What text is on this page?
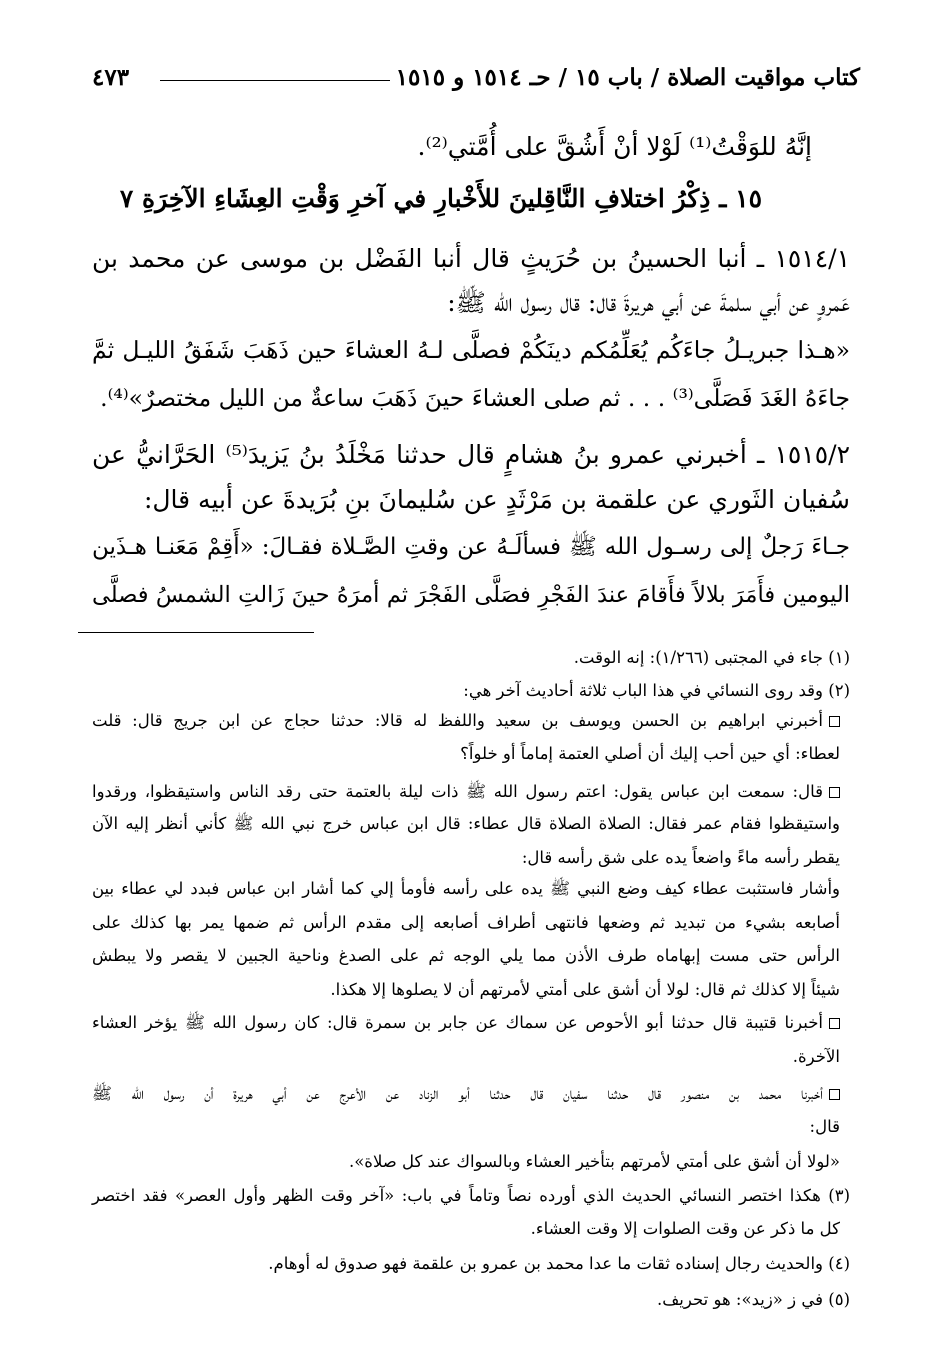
كتاب مواقيت الصلاة / باب ١٥ / حـ ١٥١٤ و ١٥١٥
٤٧٣
إنَّهُ للوَقْتُ⁽¹⁾ لَوْلا أنْ أَشُقَّ على أُمَّتي⁽²⁾.
١٥ ـ ذِكْرُ اختلافِ النَّاقِلينَ للأَخْبارِ في آخرِ وَقْتِ العِشَاءِ الآخِرَةِ ٧
١٥١٤/١ ـ أنبا الحسينُ بن حُرَيثٍ قال أنبا الفَضْل بن موسى عن محمد بن
عَمروٍ عن أبي سلمةَ عن أبي هريرةَ قال: قال رسول الله ﷺ:
«هـذا جبريـلُ جاءَكُم يُعَلِّمُكم دينَكُمْ فصلَّى لـهُ العشاءَ حين ذَهَبَ شَفَقُ الليـل ثمَّ
جاءَهُ الغَدَ فَصَلَّى⁽³⁾ . . . ثم صلى العشاءَ حينَ ذَهَبَ ساعةٌ من الليل مختصرٌ»⁽⁴⁾.
١٥١٥/٢ ـ أخبرني عمرو بنُ هشامٍ قال حدثنا مَخْلَدُ بنُ يَزيدَ⁽⁵⁾ الحَرَّانيُّ عن
سُفيان الثَوري عن علقمة بن مَرْثَدٍ عن سُليمانَ بنِ بُرَيدةَ عن أبيه قال:
جـاءَ رَجلٌ إلى رسـول الله ﷺ فسألَـهُ عن وقتِ الصَّـلاة فقـالَ: «أَقِمْ مَعَنـا هـذَين
اليومين فأَمَرَ بلالاً فأَقامَ عندَ الفَجْرِ فصَلَّى الفَجْرَ ثم أمرَهُ حينَ زَالتِ الشمسُ فصلَّى
(١) جاء في المجتبى (١/٢٦٦): إنه الوقت.
(٢) وقد روى النسائي في هذا الباب ثلاثة أحاديث آخر هي:
أخبرني ابراهيم بن الحسن ويوسف بن سعيد واللفظ له قالا: حدثنا حجاج عن ابن جريج قال: قلت
لعطاء: أي حين أحب إليك أن أصلي العتمة إماماً أو خلواً؟
قال: سمعت ابن عباس يقول: اعتم رسول الله ﷺ ذات ليلة بالعتمة حتى رقد الناس واستيقظوا، ورقدوا
واستيقظوا فقام عمر فقال: الصلاة الصلاة قال عطاء: قال ابن عباس خرج نبي الله ﷺ كأني أنظر إليه الآن
يقطر رأسه ماءً واضعاً يده على شق رأسه قال:
وأشار فاستثبت عطاء كيف وضع النبي ﷺ يده على رأسه فأومأ إلي كما أشار ابن عباس فبدد لي عطاء بين
أصابعه بشيء من تبديد ثم وضعها فانتهى أطراف أصابعه إلى مقدم الرأس ثم ضمها يمر بها كذلك على
الرأس حتى مست إبهاماه طرف الأذن مما يلي الوجه ثم على الصدغ وناحية الجبين لا يقصر ولا يبطش
شيئاً إلا كذلك ثم قال: لولا أن أشق على أمتي لأمرتهم أن لا يصلوها إلا هكذا.
أخبرنا قتيبة قال حدثنا أبو الأحوص عن سماك عن جابر بن سمرة قال: كان رسول الله ﷺ يؤخر العشاء
الآخرة.
أخبرنا محمد بن منصور قال حدثنا سفيان قال حدثنا أبو الزناد عن الأعرج عن أبي هريرة أن رسول الله ﷺ
قال:
«لولا أن أشق على أمتي لأمرتهم بتأخير العشاء وبالسواك عند كل صلاة».
(٣) هكذا اختصر النسائي الحديث الذي أورده نصاً وتاماً في باب: «آخر وقت الظهر وأول العصر» فقد اختصر
كل ما ذكر عن وقت الصلوات إلا وقت العشاء.
(٤) والحديث رجال إسناده ثقات ما عدا محمد بن عمرو بن علقمة فهو صدوق له أوهام.
(٥) في ز «زيد»: هو تحريف.
